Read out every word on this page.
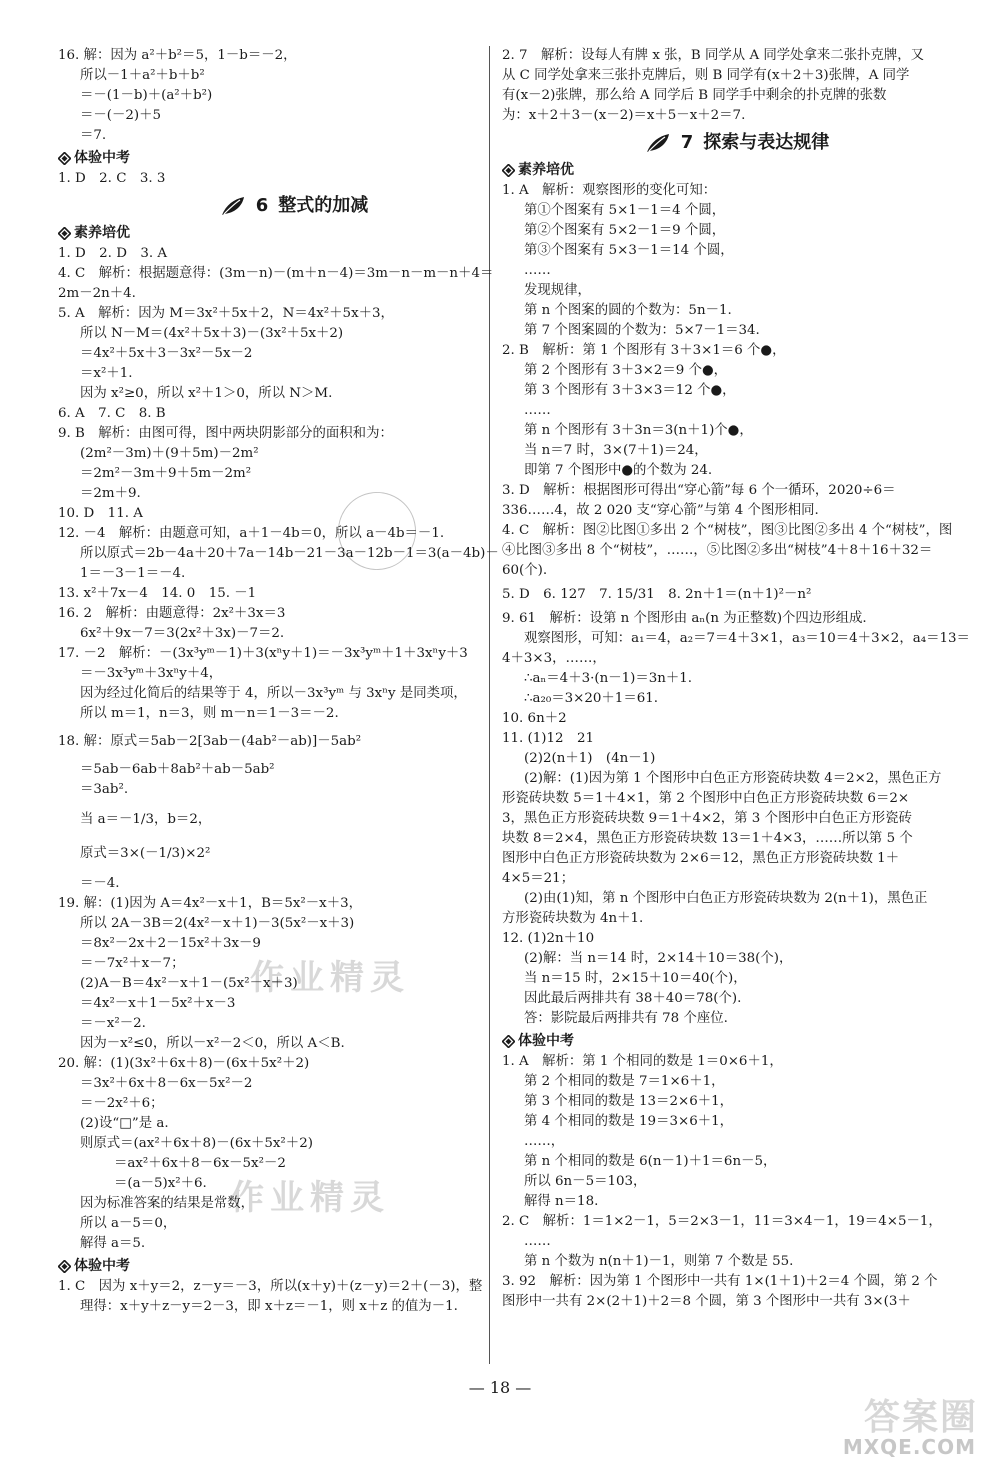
作业精灵
作业精灵
16. 解：因为 a²＋b²＝5，1－b＝－2，
所以－1＋a²＋b＋b²
＝－(1－b)＋(a²＋b²)
＝－(－2)＋5
＝7.
体验中考
1. D　2. C　3. 3
6 整式的加减
素养培优
1. D　2. D　3. A
4. C　解析：根据题意得：(3m－n)－(m＋n－4)＝3m－n－m－n＋4＝
2m－2n＋4.
5. A　解析：因为 M＝3x²＋5x＋2，N＝4x²＋5x＋3，
所以 N－M＝(4x²＋5x＋3)－(3x²＋5x＋2)
＝4x²＋5x＋3－3x²－5x－2
＝x²＋1.
因为 x²≥0，所以 x²＋1＞0，所以 N＞M.
6. A　7. C　8. B
9. B　解析：由图可得，图中两块阴影部分的面积和为：
(2m²－3m)＋(9＋5m)－2m²
＝2m²－3m＋9＋5m－2m²
＝2m＋9.
10. D　11. A
12. －4　解析：由题意可知，a＋1－4b＝0，所以 a－4b＝－1.
所以原式＝2b－4a＋20＋7a－14b－21－3a－12b－1＝3(a－4b)－
1＝－3－1＝－4.
13. x²＋7x－4　14. 0　15. －1
16. 2　解析：由题意得：2x²＋3x＝3
6x²＋9x－7＝3(2x²＋3x)－7＝2.
17. －2　解析：－(3x³yᵐ－1)＋3(xⁿy＋1)＝－3x³yᵐ＋1＋3xⁿy＋3
＝－3x³yᵐ＋3xⁿy＋4，
因为经过化简后的结果等于 4，所以－3x³yᵐ 与 3xⁿy 是同类项，
所以 m＝1，n＝3，则 m－n＝1－3＝－2.
18. 解：原式＝5ab－2[3ab－(4ab²－ab)]－5ab²
＝5ab－6ab＋8ab²＋ab－5ab²
＝3ab².
当 a＝－1/3，b＝2，
原式＝3×(－1/3)×2²
＝－4.
19. 解：(1)因为 A＝4x²－x＋1，B＝5x²－x＋3，
所以 2A－3B＝2(4x²－x＋1)－3(5x²－x＋3)
＝8x²－2x＋2－15x²＋3x－9
＝－7x²＋x－7；
(2)A－B＝4x²－x＋1－(5x²－x＋3)
＝4x²－x＋1－5x²＋x－3
＝－x²－2.
因为－x²≤0，所以－x²－2＜0，所以 A＜B.
20. 解：(1)(3x²＋6x＋8)－(6x＋5x²＋2)
＝3x²＋6x＋8－6x－5x²－2
＝－2x²＋6；
(2)设“□”是 a.
则原式＝(ax²＋6x＋8)－(6x＋5x²＋2)
＝ax²＋6x＋8－6x－5x²－2
＝(a－5)x²＋6.
因为标准答案的结果是常数，
所以 a－5＝0，
解得 a＝5.
体验中考
1. C　因为 x＋y＝2，z－y＝－3，所以(x＋y)＋(z－y)＝2＋(－3)，整
理得：x＋y＋z－y＝2－3，即 x＋z＝－1，则 x＋z 的值为－1.
2. 7　解析：设每人有牌 x 张，B 同学从 A 同学处拿来二张扑克牌，又
从 C 同学处拿来三张扑克牌后，则 B 同学有(x＋2＋3)张牌，A 同学
有(x－2)张牌，那么给 A 同学后 B 同学手中剩余的扑克牌的张数
为：x＋2＋3－(x－2)＝x＋5－x＋2＝7.
7 探索与表达规律
素养培优
1. A　解析：观察图形的变化可知：
第①个图案有 5×1－1＝4 个圆，
第②个图案有 5×2－1＝9 个圆，
第③个图案有 5×3－1＝14 个圆，
……
发现规律，
第 n 个图案的圆的个数为：5n－1.
第 7 个图案圆的个数为：5×7－1＝34.
2. B　解析：第 1 个图形有 3＋3×1＝6 个●，
第 2 个图形有 3＋3×2＝9 个●，
第 3 个图形有 3＋3×3＝12 个●，
……
第 n 个图形有 3＋3n＝3(n＋1)个●，
当 n＝7 时，3×(7＋1)＝24，
即第 7 个图形中●的个数为 24.
3. D　解析：根据图形可得出“穿心箭”每 6 个一循环，2020÷6＝
336……4，故 2 020 支“穿心箭”与第 4 个图形相同.
4. C　解析：图②比图①多出 2 个“树枝”，图③比图②多出 4 个“树枝”，图
④比图③多出 8 个“树枝”，……，⑤比图②多出“树枝”4＋8＋16＋32＝
60(个).
5. D　6. 127　7. 15/31　8. 2n＋1＝(n＋1)²－n²
9. 61　解析：设第 n 个图形由 aₙ(n 为正整数)个四边形组成.
观察图形，可知：a₁＝4，a₂＝7＝4＋3×1，a₃＝10＝4＋3×2，a₄＝13＝
4＋3×3，……，
∴aₙ＝4＋3·(n－1)＝3n＋1.
∴a₂₀＝3×20＋1＝61.
10. 6n＋2
11. (1)12　21
(2)2(n＋1)　(4n－1)
(2)解：(1)因为第 1 个图形中白色正方形瓷砖块数 4＝2×2，黑色正方
形瓷砖块数 5＝1＋4×1，第 2 个图形中白色正方形瓷砖块数 6＝2×
3，黑色正方形瓷砖块数 9＝1＋4×2，第 3 个图形中白色正方形瓷砖
块数 8＝2×4，黑色正方形瓷砖块数 13＝1＋4×3，……所以第 5 个
图形中白色正方形瓷砖块数为 2×6＝12，黑色正方形瓷砖块数 1＋
4×5＝21；
(2)由(1)知，第 n 个图形中白色正方形瓷砖块数为 2(n＋1)，黑色正
方形瓷砖块数为 4n＋1.
12. (1)2n＋10
(2)解：当 n＝14 时，2×14＋10＝38(个)，
当 n＝15 时，2×15＋10＝40(个)，
因此最后两排共有 38＋40＝78(个).
答：影院最后两排共有 78 个座位.
体验中考
1. A　解析：第 1 个相同的数是 1＝0×6＋1，
第 2 个相同的数是 7＝1×6＋1，
第 3 个相同的数是 13＝2×6＋1，
第 4 个相同的数是 19＝3×6＋1，
……，
第 n 个相同的数是 6(n－1)＋1＝6n－5，
所以 6n－5＝103，
解得 n＝18.
2. C　解析：1＝1×2－1，5＝2×3－1，11＝3×4－1，19＝4×5－1，
……
第 n 个数为 n(n＋1)－1，则第 7 个数是 55.
3. 92　解析：因为第 1 个图形中一共有 1×(1＋1)＋2＝4 个圆，第 2 个
图形中一共有 2×(2＋1)＋2＝8 个圆，第 3 个图形中一共有 3×(3＋
— 18 —
答案圈
MXQE.COM
